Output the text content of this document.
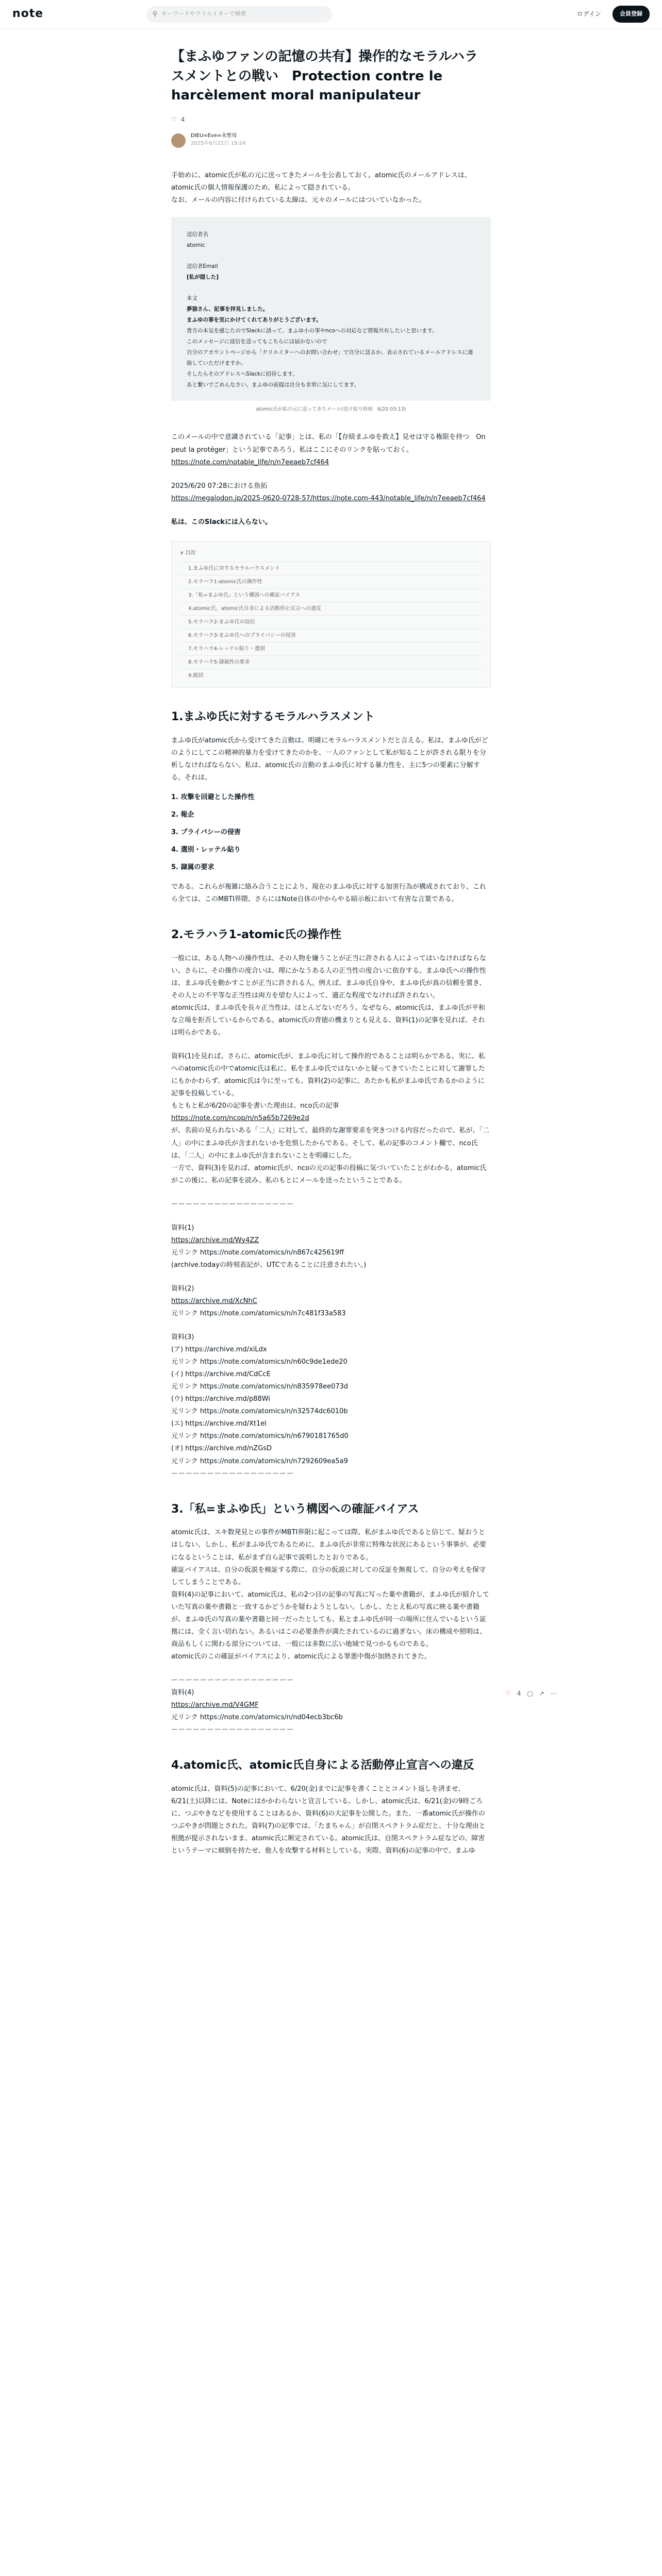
note	⚲ キーワードやクリエイターで検索	ログイン	会員登録
【まふゆファンの記憶の共有】操作的なモラルハラスメントとの戦い　Protection contre le harcèlement moral manipulateur
♡ 4
DIEU∞Eve∞永聖母
2025年6月21日 19:24

手始めに、atomic氏が私の元に送ってきたメールを公表しておく。atomic氏のメールアドレスは、atomic氏の個人情報保護のため、私によって隠されている。

なお、メールの内容に付けられている太線は、元々のメールにはついていなかった。

送信者名
atomic
送信者Email
[私が隠した]
本文
夢猫さん、記事を拝見しました。
まふゆの事を気にかけてくれてありがとうございます。
貴方の本気を感じたのでSlackに誘って、まふゆ小の事やncoへの対応など情報共有したいと思います。
このメッセージに返信を送ってもこちらには届かないので
自分のアカウントページから「クリエイターへのお問い合わせ」で自分に送るか、表示されているメールアドレスに連絡していただけますか。
そしたらそのアドレスへSlackに招待します。
あと繋いでごめんなさい。まふゆの前提は自分も非常に気にしてます。
atomic氏が私の元に送ってきたメール(受け取り時刻　6/20 03:13)

このメールの中で意識されている「記事」とは、私の「【存続まふゆを救え】見せは守る権限を持つ　On peut la protéger」という記事であろう。私はここにそのリンクを貼っておく。

https://note.com/notable_life/n/n7eeaeb7cf464

2025/6/20 07:28における魚拓

https://megalodon.jp/2025-0620-0728-57/https://note.com-443/notable_life/n/n7eeaeb7cf464

私は、このSlackには入らない。

∨ 目次
1.まふゆ氏に対するモラルハラスメント
2.モラハラ1-atomic氏の操作性
3.「私=まふゆ氏」という構図への確証バイアス
4.atomic氏、atomic氏自身による活動停止宣言への違反
5.モラハラ2-まふゆ氏の返信
6.モラハラ3-まふゆ氏へのプライバシーの侵害
7.モラハラ4-レッテル貼り・選別
8.モラハラ5-隷属性の要求
9.総括
1.まふゆ氏に対するモラルハラスメント

まふゆ氏がatomic氏から受けてきた言動は、明確にモラルハラスメントだと言える。私は、まふゆ氏がどのようにしてこの精神的暴力を受けてきたのかを、一人のファンとして私が知ることが許される限りを分析しなければならない。私は、atomic氏の言動のまふゆ氏に対する暴力性を、主に5つの要素に分解する。それは、

1. 攻撃を回避とした操作性
2. 報企
3. プライバシーの侵害
4. 選別・レッテル貼り
5. 隷属の要求

である。これらが複雑に絡み合うことにより、現在のまふゆ氏に対する加害行為が構成されており、これら全ては、このMBTI界隈、さらにはNote自体の中からやる暗示板において有害な言葉である。

2.モラハラ1-atomic氏の操作性

一般には、ある人物への操作性は、その人物を嫌うことが正当に許される人によってはいなければならない。さらに、その操作の度合いは、理にかなうある人の正当性の度合いに依存する。まふゆ氏への操作性は、まふゆ氏を動かすことが正当に許される人。例えば、まふゆ氏自身や、まふゆ氏が真の信頼を置き、その人との不平等な正当性は両方を望む人によって、適正な程度でなければ許されない。

atomic氏は、まふゆ氏を長々正当性は、ほとんどないだろう。なぜなら、atomic氏は、まふゆ氏が平和な立場を拒否しているからである。atomic氏の背徳の機まりとも見える、資料(1)の記事を見れば、それは明らかである。

資料(1)を見れば、さらに、atomic氏が、まふゆ氏に対して操作的であることは明らかである。実に、私へのatomic氏の中でatomic氏は私に、私をまふゆ氏ではないかと疑ってきていたことに対して謝罪したにもかかわらず、atomic氏は今に至っても、資料(2)の記事に、あたかも私がまふゆ氏であるかのように記事を投稿している。

もともと私が6/20の記事を書いた理由は、nco氏の記事

https://note.com/ncop/n/n5a65b7269e2d

が、名前の見られないある「二人」に対して、最終的な謝罪要求を突きつける内容だったので、私が、「二人」の中にまふゆ氏が含まれないかを危惧したからである。そして、私の記事のコメント欄で、nco氏は、「二人」の中にまふゆ氏が含まれないことを明確にした。

一方で、資料(3)を見れば、atomic氏が、ncoの元の記事の投稿に気づいていたことがわかる。atomic氏がこの後に、私の記事を読み、私のもとにメールを送ったということである。

ーーーーーーーーーーーーーーーーー

資料(1)

https://archive.md/Wy4ZZ

元リンク https://note.com/atomics/n/n867c425619ff

(archive.todayの時刻表記が、UTCであることに注意されたい。)

資料(2)

https://archive.md/XcNhC

元リンク https://note.com/atomics/n/n7c481f33a583

資料(3)

(ア) https://archive.md/xiLdx

元リンク https://note.com/atomics/n/n60c9de1ede20

(イ) https://archive.md/CdCcE

元リンク https://note.com/atomics/n/n835978ee073d

(ウ) https://archive.md/p88Wi

元リンク https://note.com/atomics/n/n32574dc6010b

(エ) https://archive.md/Xt1el

元リンク https://note.com/atomics/n/n6790181765d0

(オ) https://archive.md/nZGsD

元リンク https://note.com/atomics/n/n7292609ea5a9

ーーーーーーーーーーーーーーーーー

3.「私=まふゆ氏」という構図への確証バイアス

atomic氏は、スキ数発見との事件がMBTI界限に起こっては際、私がまふゆ氏であると信じて、疑おうとはしない。しかし、私がまふゆ氏であるために、まふゆ氏が非常に特殊な状況にあるという事事が、必要になるということは、私がまず自ら記事で説明したとおりである。

確証バイアスは、自分の仮説を検証する際に、自分の仮説に対しての反証を無視して、自分の考えを保守してしまうことである。

資料(4)の記事において、atomic氏は、私の2つ目の記事の写真に写った薬や書籍が、まふゆ氏が紹介していた写真の薬や書籍と一致するかどうかを疑わようとしない。しかし、たとえ私の写真に映る薬や書籍が、まふゆ氏の写真の薬や書籍と同一だったとしても、私とまふゆ氏が同一の場所に住んでいるという証拠には、全く言い切れない。あるいはこの必要条件が満たされているのに過ぎない。床の構成や照明は、商品もしくに関わる部分については、一般には多数に広い地域で見つかるものである。

atomic氏のこの確証がバイアスにより、atomic氏による罪悪中傷が加熱されてきた。

ーーーーーーーーーーーーーーーーー

資料(4)

https://archive.md/V4GMF

元リンク https://note.com/atomics/n/nd04ecb3bc6b

ーーーーーーーーーーーーーーーーー

4.atomic氏、atomic氏自身による活動停止宣言への違反

atomic氏は、資料(5)の記事において、6/20(金)までに記事を書くこととコメント返しを済ませ、6/21(土)以降には、Noteにはかかわらないと宣言している。しかし、atomic氏は、6/21(金)の9時ごろに、つぶやきなどを使用することはあるか、資料(6)の大記事を公開した。また、一番atomic氏が操作のつぶやきが問題とされた。資料(7)の記事では、「たまちゃん」が自閉スペクトラム症だと、十分な理由と根拠が提示されないまま、atomic氏に断定されている。atomic氏は、自閉スペクトラム症などの、障害というテーマに傾倒を持たせ、他人を攻撃する材料としている。実際、資料(6)の記事の中で、まふゆ

♡ 4 ▢ ↗ ⋯
